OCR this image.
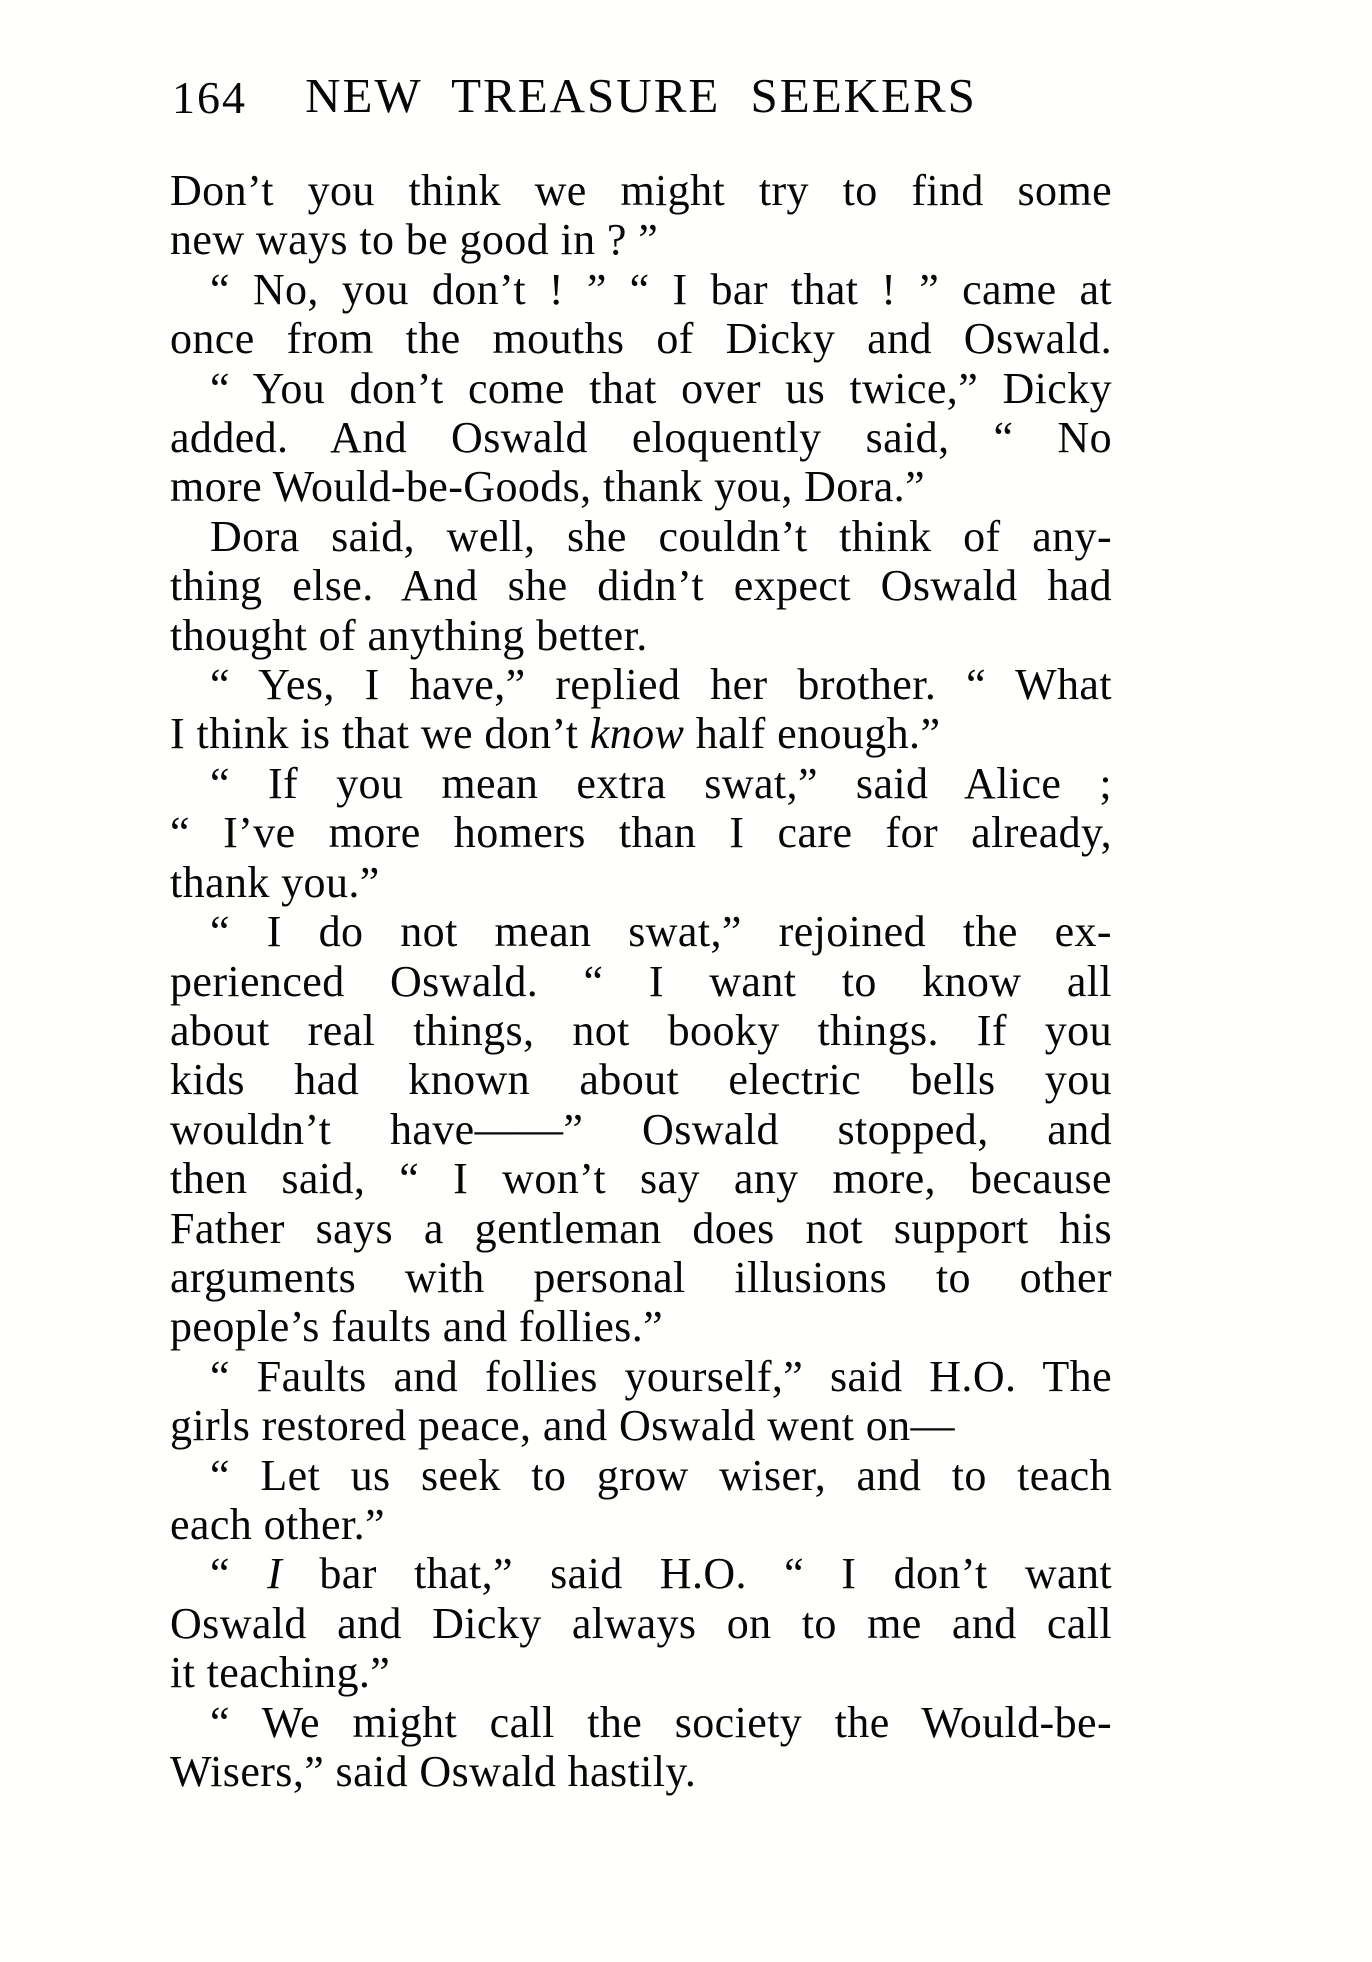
164	NEW TREASURE SEEKERS
Don’t you think we might try to find some
new ways to be good in ? ”
“ No, you don’t ! ” “ I bar that ! ” came at
once from the mouths of Dicky and Oswald.
“ You don’t come that over us twice,” Dicky
added. And Oswald eloquently said, “ No
more Would-be-Goods, thank you, Dora.”
Dora said, well, she couldn’t think of any-
thing else. And she didn’t expect Oswald had
thought of anything better.
“ Yes, I have,” replied her brother. “ What
I think is that we don’t know half enough.”
“ If you mean extra swat,” said Alice ;
“ I’ve more homers than I care for already,
thank you.”
“ I do not mean swat,” rejoined the ex-
perienced Oswald. “ I want to know all
about real things, not booky things. If you
kids had known about electric bells you
wouldn’t have——” Oswald stopped, and
then said, “ I won’t say any more, because
Father says a gentleman does not support his
arguments with personal illusions to other
people’s faults and follies.”
“ Faults and follies yourself,” said H.O. The
girls restored peace, and Oswald went on—
“ Let us seek to grow wiser, and to teach
each other.”
“ I bar that,” said H.O. “ I don’t want
Oswald and Dicky always on to me and call
it teaching.”
“ We might call the society the Would-be-
Wisers,” said Oswald hastily.
